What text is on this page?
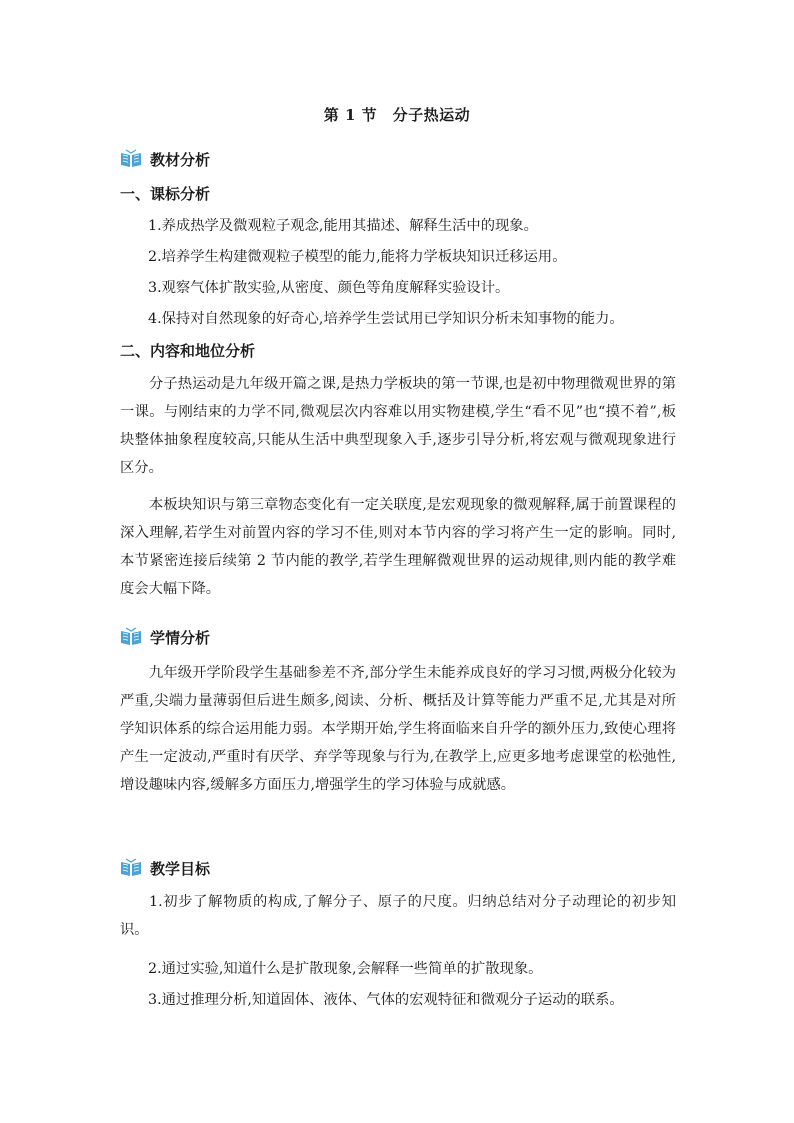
第 1 节　分子热运动
教材分析
一、课标分析
1.养成热学及微观粒子观念,能用其描述、解释生活中的现象。
2.培养学生构建微观粒子模型的能力,能将力学板块知识迁移运用。
3.观察气体扩散实验,从密度、颜色等角度解释实验设计。
4.保持对自然现象的好奇心,培养学生尝试用已学知识分析未知事物的能力。
二、内容和地位分析

分子热运动是九年级开篇之课,是热力学板块的第一节课,也是初中物理微观世界的第一课。与刚结束的力学不同,微观层次内容难以用实物建模,学生“看不见”也“摸不着”,板块整体抽象程度较高,只能从生活中典型现象入手,逐步引导分析,将宏观与微观现象进行区分。

本板块知识与第三章物态变化有一定关联度,是宏观现象的微观解释,属于前置课程的深入理解,若学生对前置内容的学习不佳,则对本节内容的学习将产生一定的影响。同时,本节紧密连接后续第 2 节内能的教学,若学生理解微观世界的运动规律,则内能的教学难度会大幅下降。

学情分析

九年级开学阶段学生基础参差不齐,部分学生未能养成良好的学习习惯,两极分化较为严重,尖端力量薄弱但后进生颇多,阅读、分析、概括及计算等能力严重不足,尤其是对所学知识体系的综合运用能力弱。本学期开始,学生将面临来自升学的额外压力,致使心理将产生一定波动,严重时有厌学、弃学等现象与行为,在教学上,应更多地考虑课堂的松弛性,增设趣味内容,缓解多方面压力,增强学生的学习体验与成就感。

教学目标

1.初步了解物质的构成,了解分子、原子的尺度。归纳总结对分子动理论的初步知识。

2.通过实验,知道什么是扩散现象,会解释一些简单的扩散现象。
3.通过推理分析,知道固体、液体、气体的宏观特征和微观分子运动的联系。
